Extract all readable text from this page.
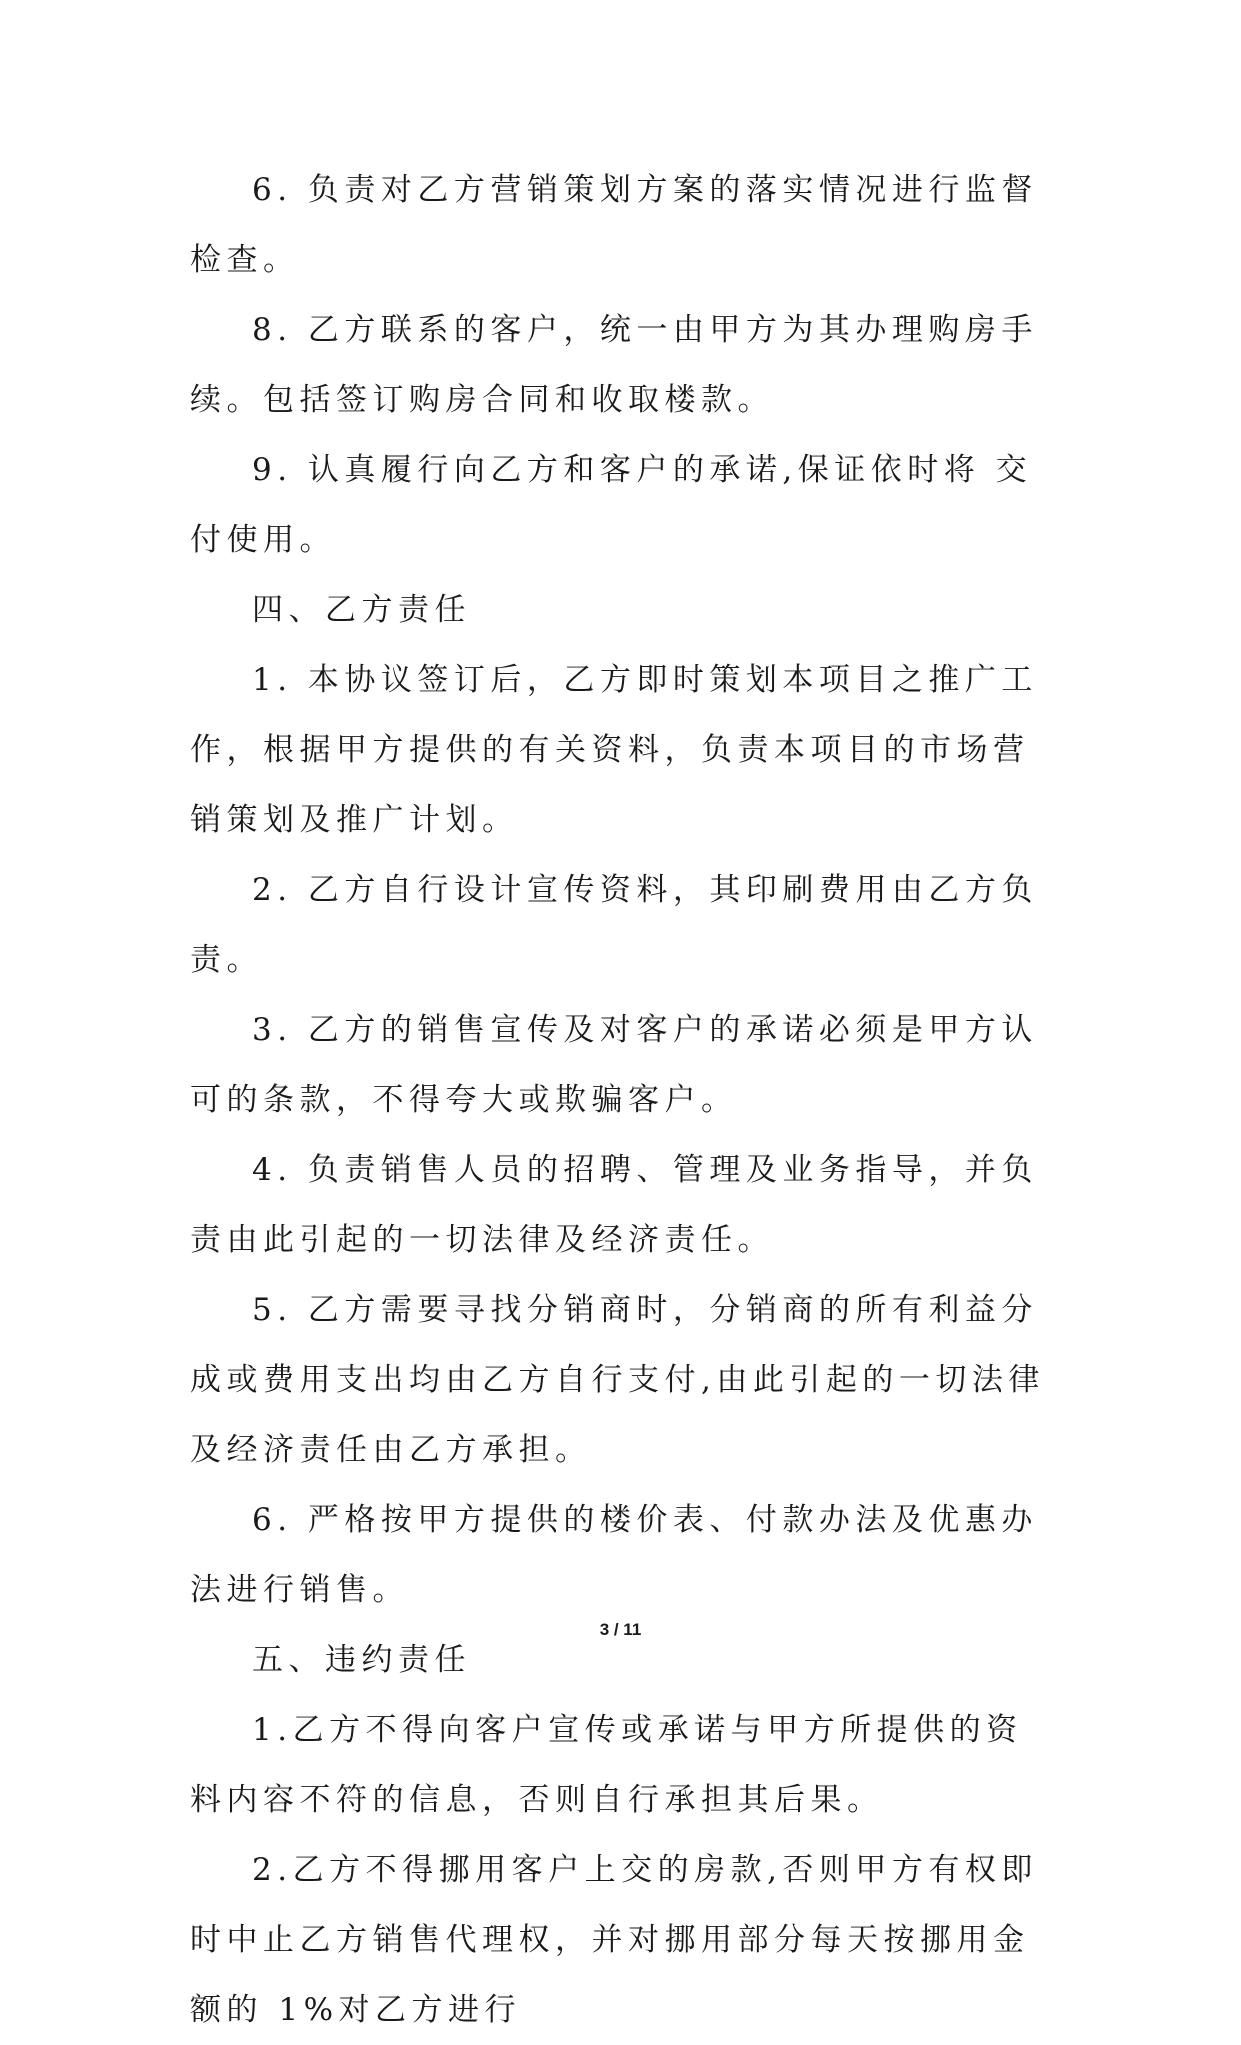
6. 负责对乙方营销策划方案的落实情况进行监督检查。

8. 乙方联系的客户，统一由甲方为其办理购房手续。包括签订购房合同和收取楼款。

9. 认真履行向乙方和客户的承诺,保证依时将 交付使用。

四、乙方责任

1. 本协议签订后，乙方即时策划本项目之推广工作，根据甲方提供的有关资料，负责本项目的市场营销策划及推广计划。

2. 乙方自行设计宣传资料，其印刷费用由乙方负责。

3. 乙方的销售宣传及对客户的承诺必须是甲方认可的条款，不得夸大或欺骗客户。

4. 负责销售人员的招聘、管理及业务指导，并负责由此引起的一切法律及经济责任。

5. 乙方需要寻找分销商时，分销商的所有利益分成或费用支出均由乙方自行支付,由此引起的一切法律及经济责任由乙方承担。

6. 严格按甲方提供的楼价表、付款办法及优惠办法进行销售。

五、违约责任

1.乙方不得向客户宣传或承诺与甲方所提供的资料内容不符的信息，否则自行承担其后果。

2.乙方不得挪用客户上交的房款,否则甲方有权即时中止乙方销售代理权，并对挪用部分每天按挪用金额的 1%对乙方进行

3 / 11
